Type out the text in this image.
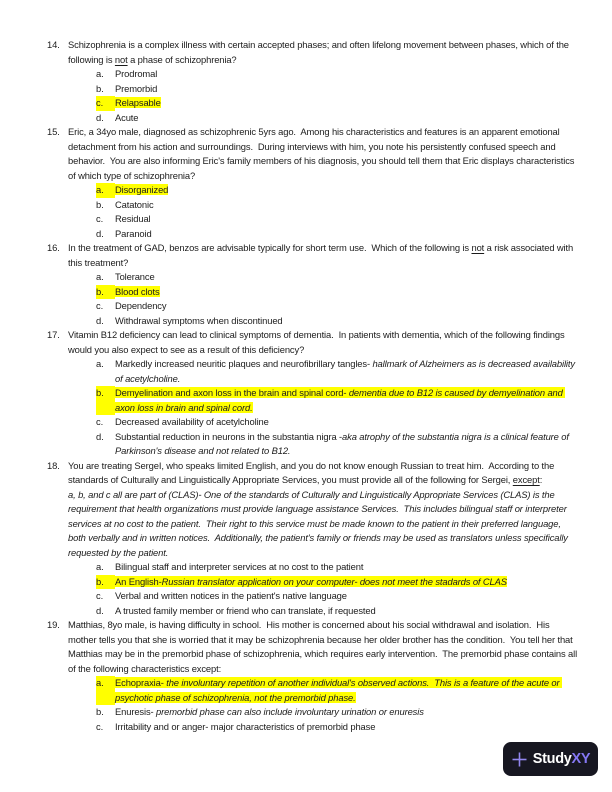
14. Schizophrenia is a complex illness with certain accepted phases; and often lifelong movement between phases, which of the following is not a phase of schizophrenia?
a.	Prodromal
b.	Premorbid
c.	Relapsable
d.	Acute
15. Eric, a 34yo male, diagnosed as schizophrenic 5yrs ago.  Among his characteristics and features is an apparent emotional detachment from his action and surroundings.  During interviews with him, you note his persistently confused speech and behavior.  You are also informing Eric's family members of his diagnosis, you should tell them that Eric displays characteristics of which type of schizophrenia?
a.	Disorganized
b.	Catatonic
c.	Residual
d.	Paranoid
16. In the treatment of GAD, benzos are advisable typically for short term use.  Which of the following is not a risk associated with this treatment?
a.	Tolerance
b.	Blood clots
c.	Dependency
d.	Withdrawal symptoms when discontinued
17. Vitamin B12 deficiency can lead to clinical symptoms of dementia.  In patients with dementia, which of the following findings would you also expect to see as a result of this deficiency?
a.	Markedly increased neuritic plaques and neurofibrillary tangles- hallmark of Alzheimers as is decreased availability of acetylcholine.
b.	Demyelination and axon loss in the brain and spinal cord- dementia due to B12 is caused by demyelination and axon loss in brain and spinal cord.
c.	Decreased availability of acetylcholine
d.	Substantial reduction in neurons in the substantia nigra -aka atrophy of the substantia nigra is a clinical feature of Parkinson's disease and not related to B12.
18. You are treating SergeI, who speaks limited English, and you do not know enough Russian to treat him.  According to the standards of Culturally and Linguistically Appropriate Services, you must provide all of the following for Sergei, except:
a, b, and c all are part of (CLAS)- One of the standards of Culturally and Linguistically Appropriate Services (CLAS) is the requirement that health organizations must provide language assistance Services.  This includes bilingual staff or interpreter services at no cost to the patient.  Their right to this service must be made known to the patient in their preferred language, both verbally and in written notices.  Additionally, the patient's family or friends may be used as translators unless specifically requested by the patient.
a.	Bilingual staff and interpreter services at no cost to the patient
b.	An English-Russian translator application on your computer- does not meet the stadards of CLAS
c.	Verbal and written notices in the patient's native language
d.	A trusted family member or friend who can translate, if requested
19. Matthias, 8yo male, is having difficulty in school.  His mother is concerned about his social withdrawal and isolation.  His mother tells you that she is worried that it may be schizophrenia because her older brother has the condition.  You tell her that Matthias may be in the premorbid phase of schizophrenia, which requires early intervention.  The premorbid phase contains all of the following characteristics except:
a.	Echopraxia- the involuntary repetition of another individual's observed actions.  This is a feature of the acute or psychotic phase of schizophrenia, not the premorbid phase.
b.	Enuresis- premorbid phase can also include involuntary urination or enuresis
c.	Irritability and or anger- major characteristics of premorbid phase
StudyXY
